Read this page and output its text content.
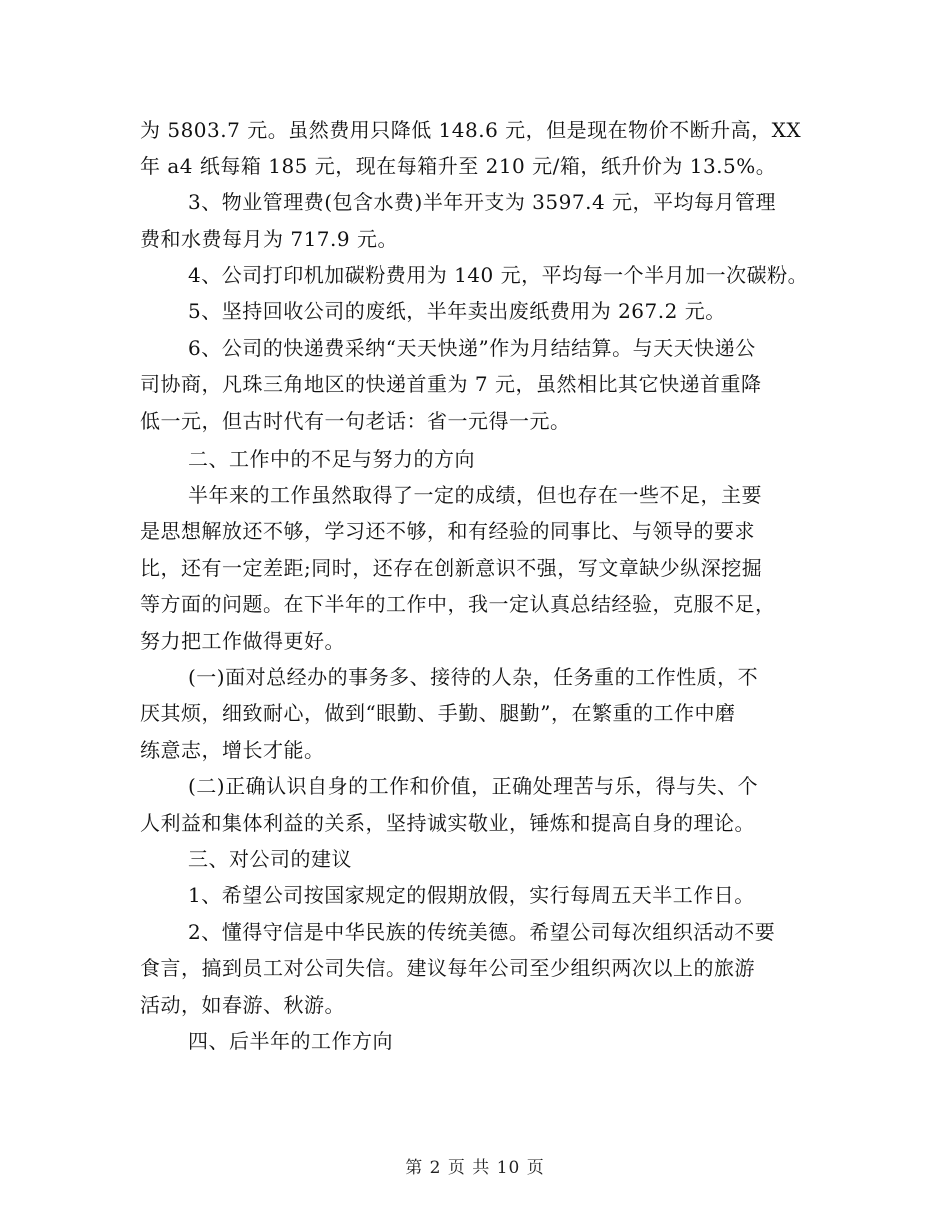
为 5803.7 元。虽然费用只降低 148.6 元，但是现在物价不断升高，XX
年 a4 纸每箱 185 元，现在每箱升至 210 元/箱，纸升价为 13.5%。
3、物业管理费(包含水费)半年开支为 3597.4 元，平均每月管理
费和水费每月为 717.9 元。
4、公司打印机加碳粉费用为 140 元，平均每一个半月加一次碳粉。
5、坚持回收公司的废纸，半年卖出废纸费用为 267.2 元。
6、公司的快递费采纳“天天快递”作为月结结算。与天天快递公
司协商，凡珠三角地区的快递首重为 7 元，虽然相比其它快递首重降
低一元，但古时代有一句老话：省一元得一元。
二、工作中的不足与努力的方向
半年来的工作虽然取得了一定的成绩，但也存在一些不足，主要
是思想解放还不够，学习还不够，和有经验的同事比、与领导的要求
比，还有一定差距;同时，还存在创新意识不强，写文章缺少纵深挖掘
等方面的问题。在下半年的工作中，我一定认真总结经验，克服不足，
努力把工作做得更好。
(一)面对总经办的事务多、接待的人杂，任务重的工作性质，不
厌其烦，细致耐心，做到“眼勤、手勤、腿勤”，在繁重的工作中磨
练意志，增长才能。
(二)正确认识自身的工作和价值，正确处理苦与乐，得与失、个
人利益和集体利益的关系，坚持诚实敬业，锤炼和提高自身的理论。
三、对公司的建议
1、希望公司按国家规定的假期放假，实行每周五天半工作日。
2、懂得守信是中华民族的传统美德。希望公司每次组织活动不要
食言，搞到员工对公司失信。建议每年公司至少组织两次以上的旅游
活动，如春游、秋游。
四、后半年的工作方向
第 2 页 共 10 页
